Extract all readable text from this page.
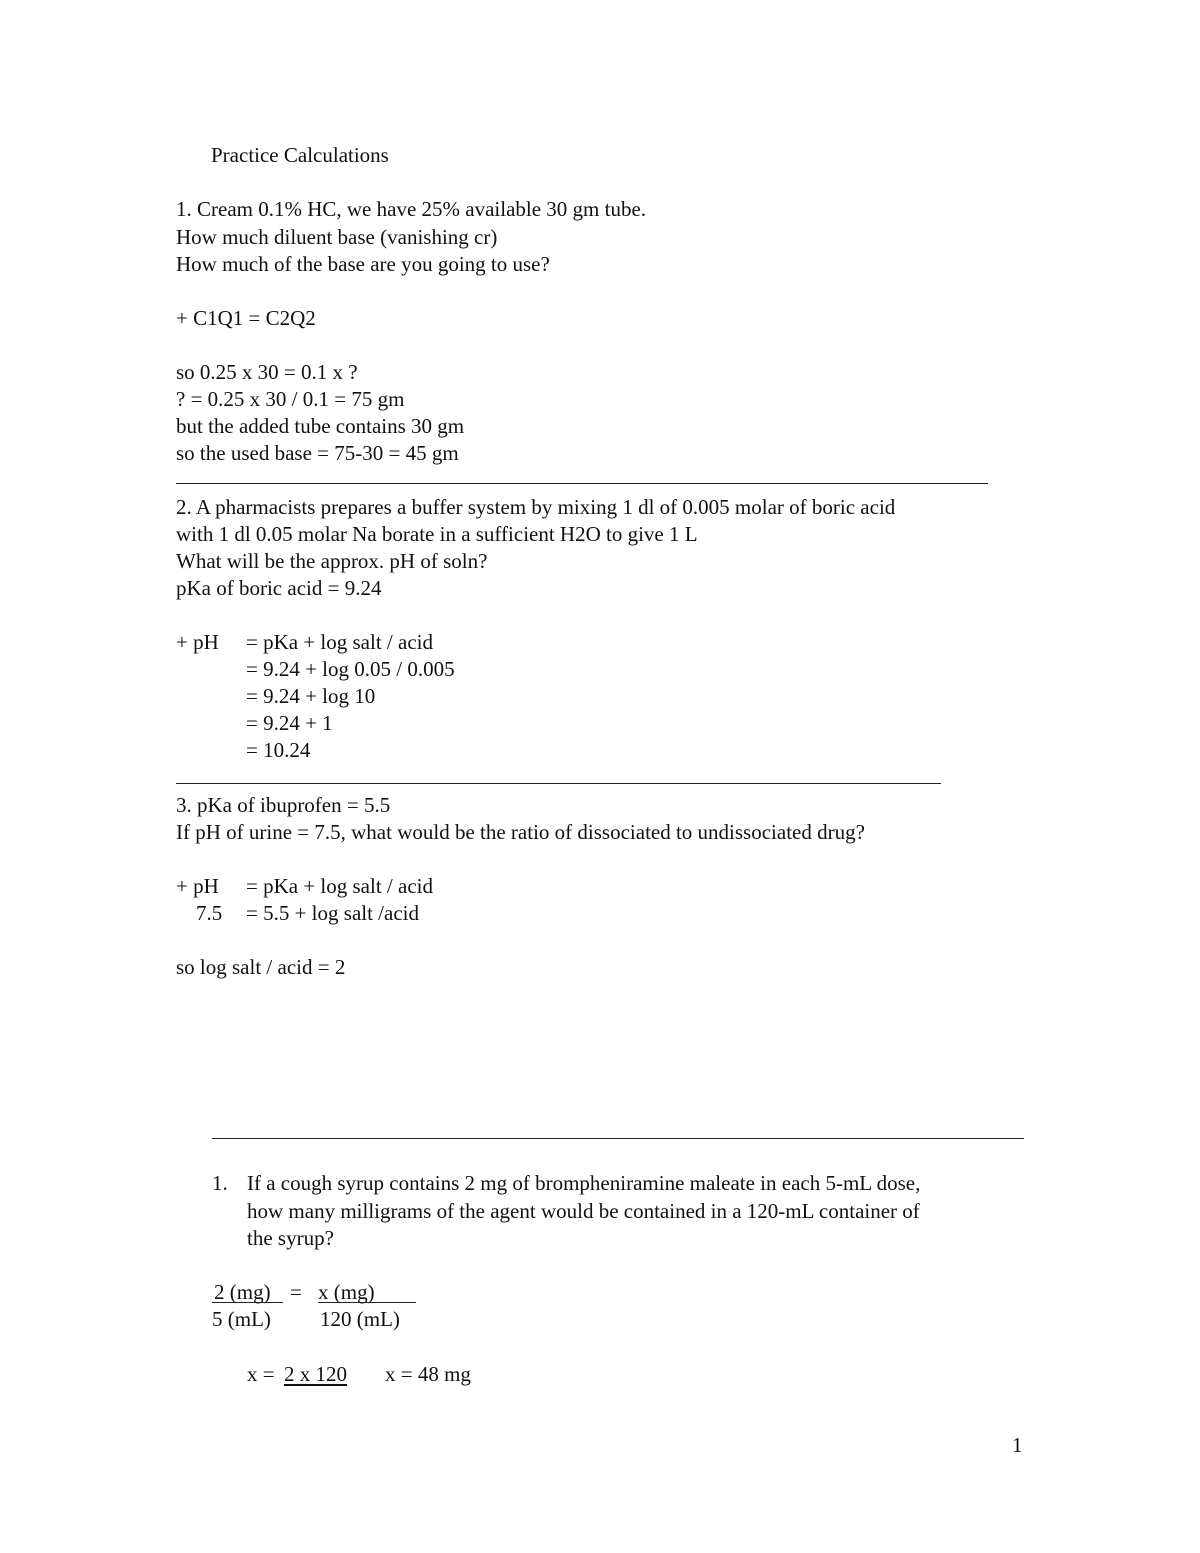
Practice Calculations
1. Cream 0.1% HC, we have 25% available 30 gm tube.
How much diluent base (vanishing cr)
How much of the base are you going to use?
+ C1Q1 = C2Q2
so 0.25 x 30 = 0.1 x ?
? = 0.25 x 30 / 0.1 = 75 gm
but the added tube contains 30 gm
so the used base = 75-30 = 45 gm
2. A pharmacists prepares a buffer system by mixing 1 dl of 0.005 molar of boric acid
with 1 dl 0.05 molar Na borate in a sufficient H2O to give 1 L
What will be the approx. pH of soln?
pKa of boric acid = 9.24
+ pH = pKa + log salt / acid
= 9.24 + log 0.05 / 0.005
= 9.24 + log 10
= 9.24 + 1
= 10.24
3. pKa of ibuprofen = 5.5
If pH of urine = 7.5, what would be the ratio of dissociated to undissociated drug?
+ pH = pKa + log salt / acid
7.5 = 5.5 + log salt /acid
so log salt / acid = 2
1. If a cough syrup contains 2 mg of brompheniramine maleate in each 5-mL dose,
how many milligrams of the agent would be contained in a 120-mL container of
the syrup?
2 (mg)
5 (mL)
= x (mg)
120 (mL)
x = 2 x 120 x = 48 mg
1
